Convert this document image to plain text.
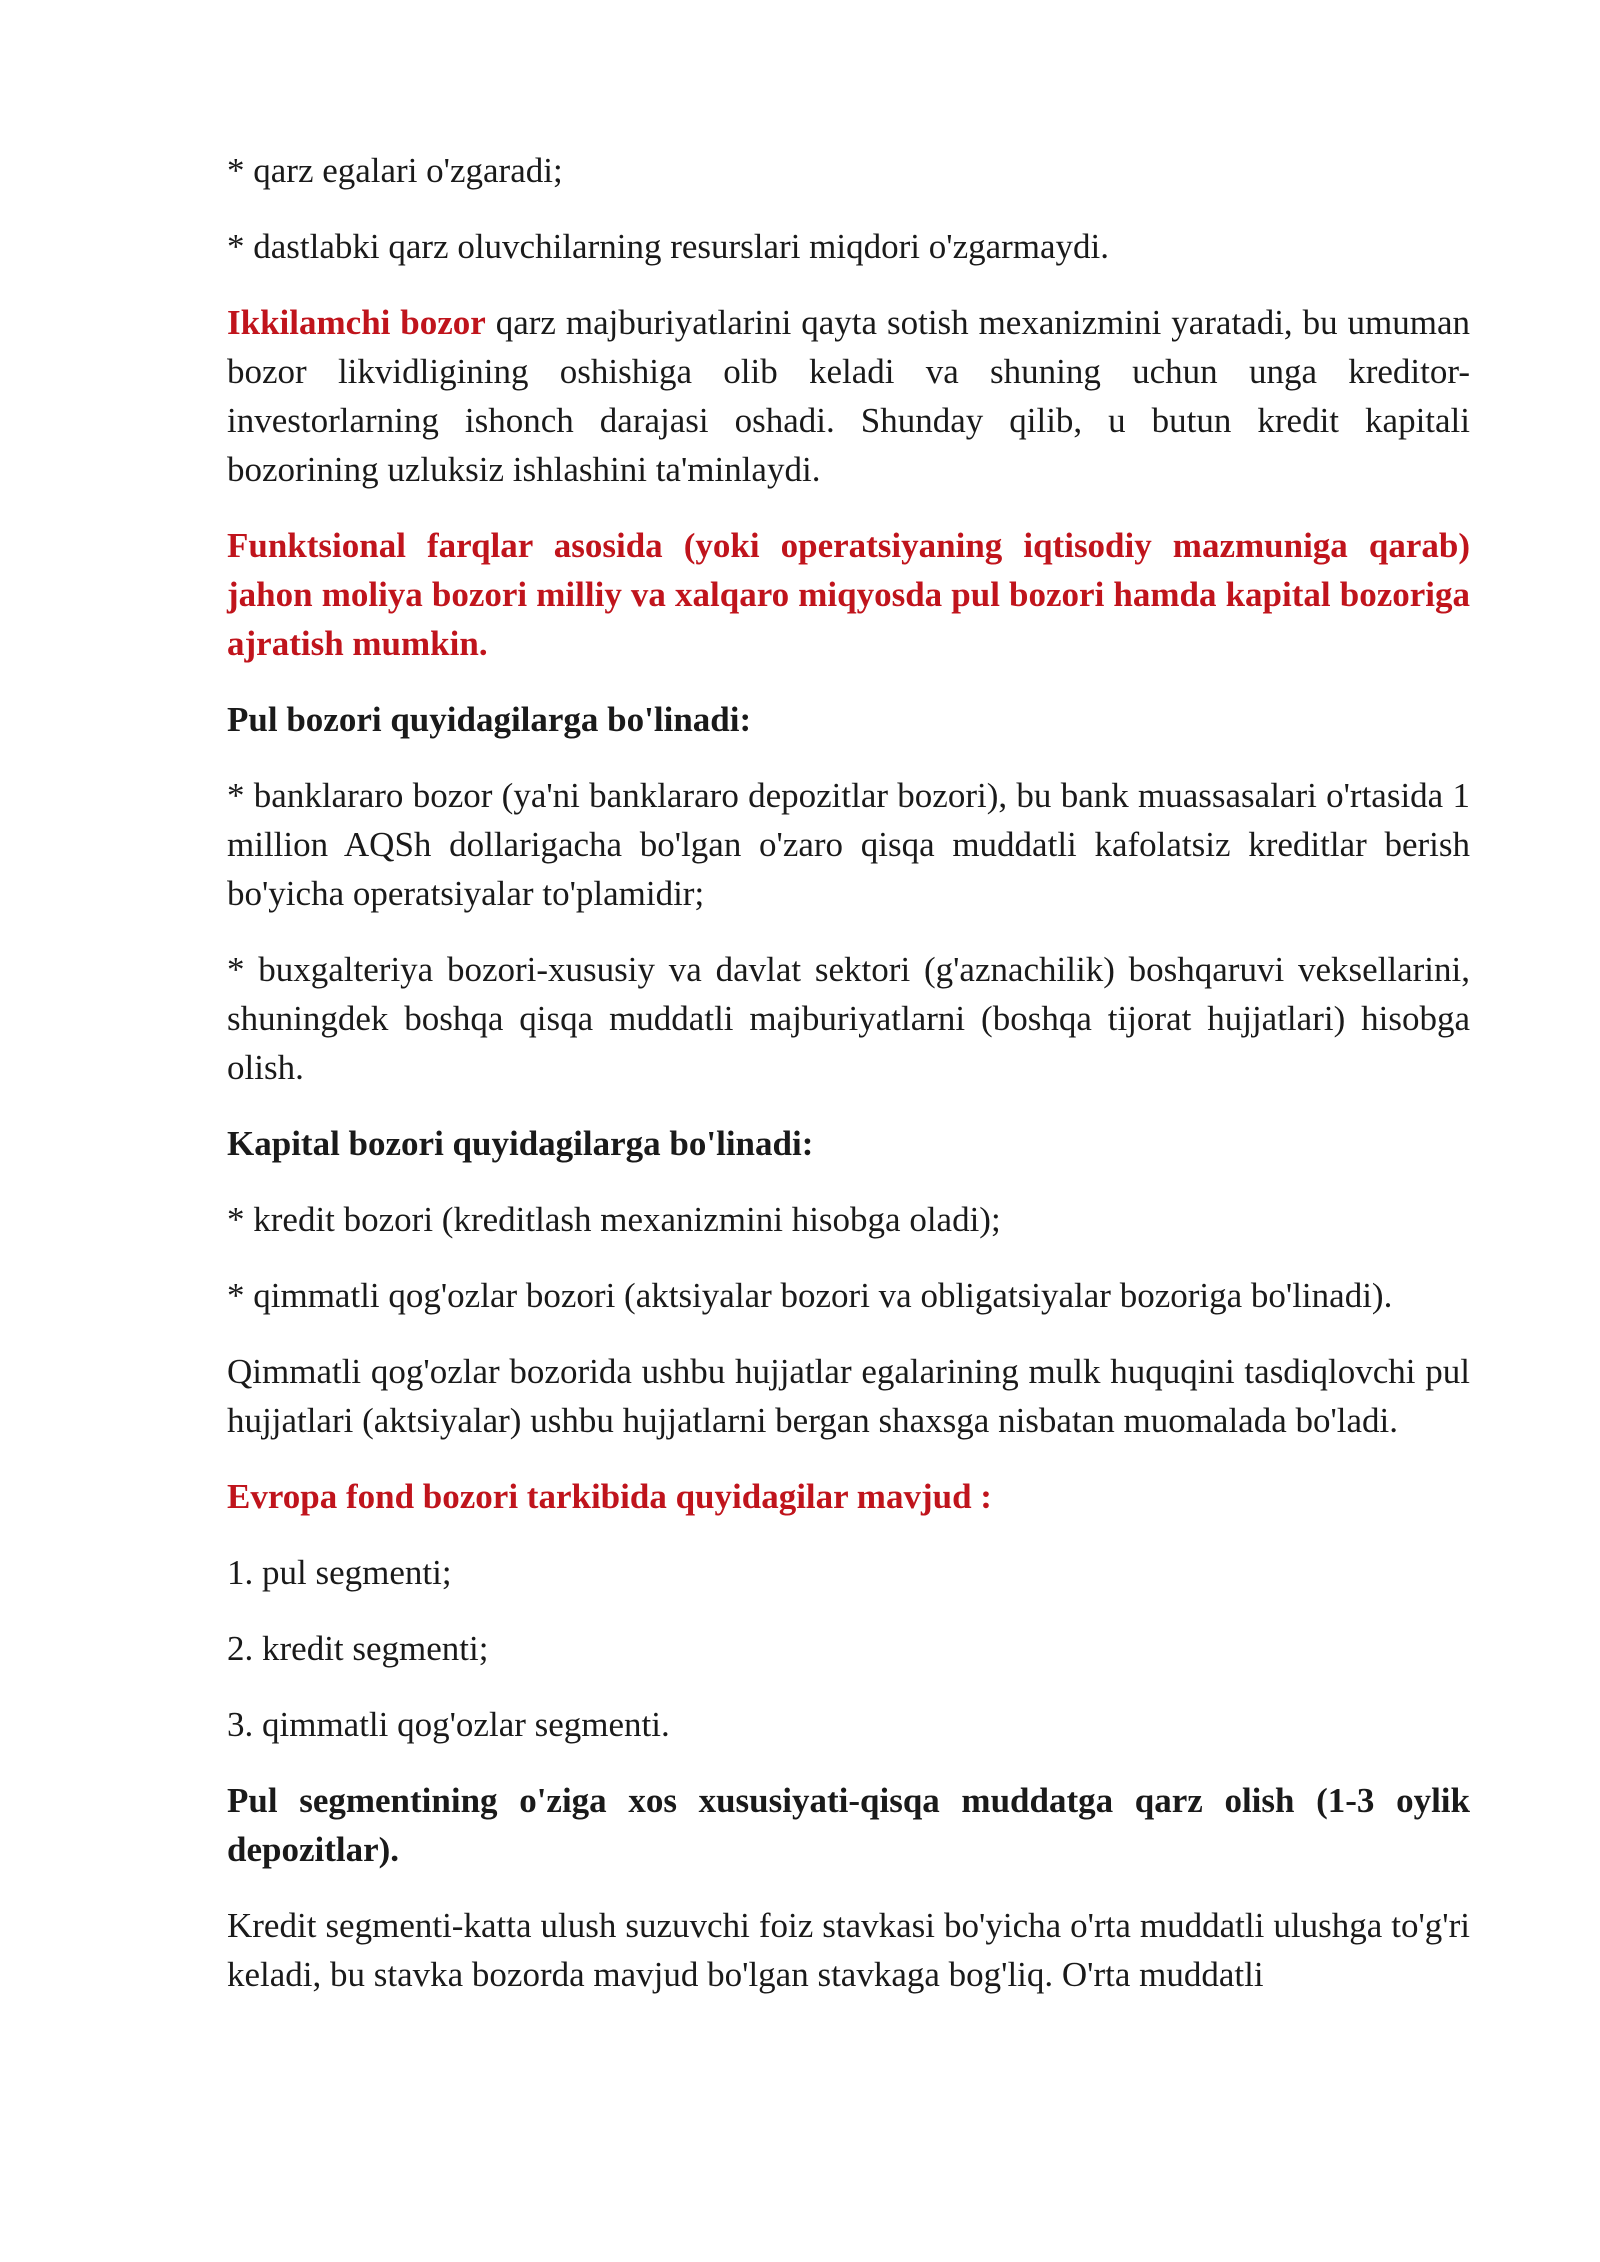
* qarz egalari o'zgaradi;

* dastlabki qarz oluvchilarning resurslari miqdori o'zgarmaydi.

Ikkilamchi bozor qarz majburiyatlarini qayta sotish mexanizmini yaratadi, bu umuman bozor likvidligining oshishiga olib keladi va shuning uchun unga kreditor-investorlarning ishonch darajasi oshadi. Shunday qilib, u butun kredit kapitali bozorining uzluksiz ishlashini ta'minlaydi.

Funktsional farqlar asosida (yoki operatsiyaning iqtisodiy mazmuniga qarab) jahon moliya bozori milliy va xalqaro miqyosda pul bozori hamda kapital bozoriga ajratish mumkin.

Pul bozori quyidagilarga bo'linadi:

* banklararo bozor (ya'ni banklararo depozitlar bozori), bu bank muassasalari o'rtasida 1 million AQSh dollarigacha bo'lgan o'zaro qisqa muddatli kafolatsiz kreditlar berish bo'yicha operatsiyalar to'plamidir;

* buxgalteriya bozori-xususiy va davlat sektori (g'aznachilik) boshqaruvi veksellarini, shuningdek boshqa qisqa muddatli majburiyatlarni (boshqa tijorat hujjatlari) hisobga olish.

Kapital bozori quyidagilarga bo'linadi:

* kredit bozori (kreditlash mexanizmini hisobga oladi);

* qimmatli qog'ozlar bozori (aktsiyalar bozori va obligatsiyalar bozoriga bo'linadi).

Qimmatli qog'ozlar bozorida ushbu hujjatlar egalarining mulk huquqini tasdiqlovchi pul hujjatlari (aktsiyalar) ushbu hujjatlarni bergan shaxsga nisbatan muomalada bo'ladi.

Evropa fond bozori tarkibida quyidagilar mavjud :

1. pul segmenti;

2. kredit segmenti;

3. qimmatli qog'ozlar segmenti.

Pul segmentining o'ziga xos xususiyati-qisqa muddatga qarz olish (1-3 oylik depozitlar).

Kredit segmenti-katta ulush suzuvchi foiz stavkasi bo'yicha o'rta muddatli ulushga to'g'ri keladi, bu stavka bozorda mavjud bo'lgan stavkaga bog'liq. O'rta muddatli
